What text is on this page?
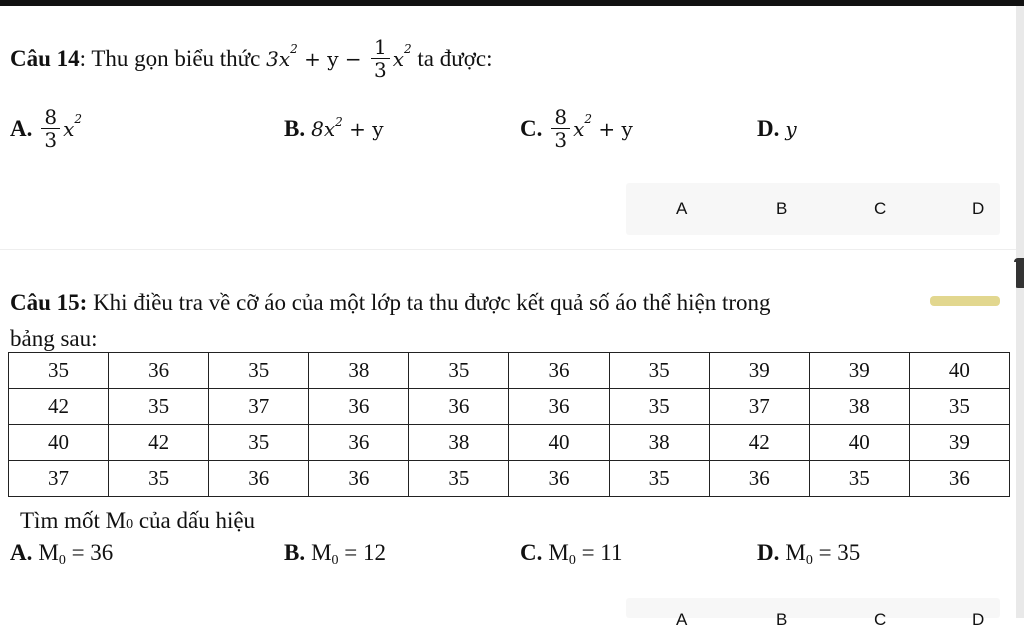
Câu 14 : Thu gọn biểu thức $3x^2 + y - \frac{1}{3} x^2$ ta được:
A. $\frac{8}{3} x^2$	B. $8x^2 + y$	C. $\frac{8}{3} x^2 + y$	D. y
A	B	C	D
Câu 15: Khi điều tra về cỡ áo của một lớp ta thu được kết quả số áo thể hiện trong
bảng sau:
35	36	35	38	35	36	35	39	39	40
42	35	37	36	36	36	35	37	38	35
40	42	35	36	38	40	38	42	40	39
37	35	36	36	35	36	35	36	35	36
Tìm mốt $M_0$ của dấu hiệu
A. $M_0 = 36$	B. $M_0 = 12$	C. $M_0 = 11$	D. $M_0 = 35$
A	B	C	D
